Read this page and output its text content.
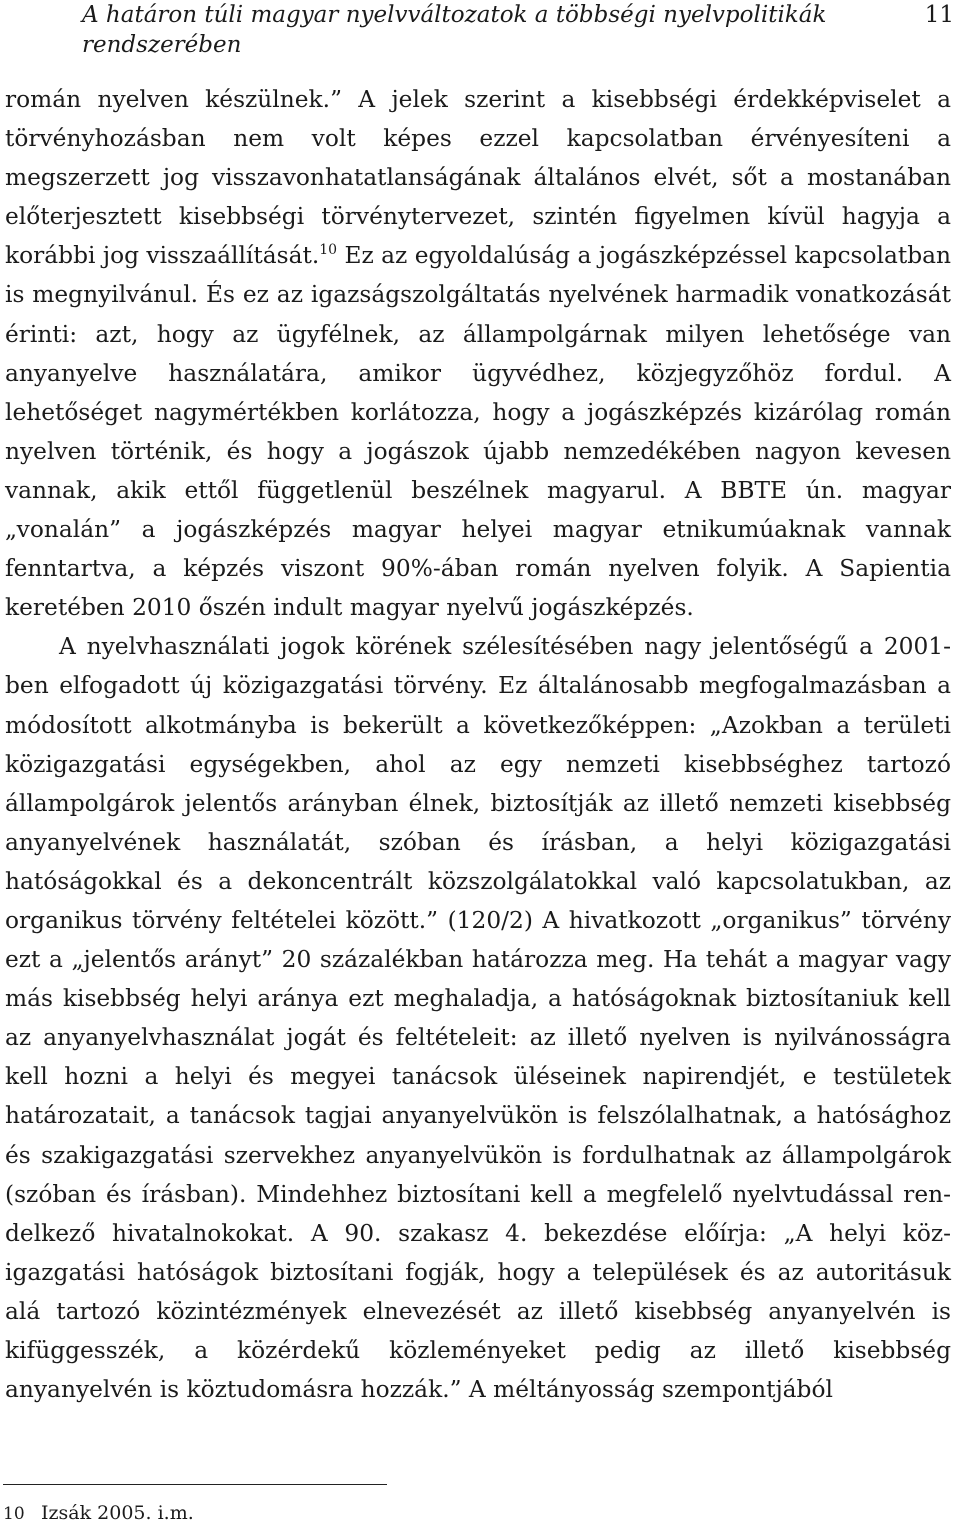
A határon túli magyar nyelvváltozatok a többségi nyelvpolitikák rendszerében
11

román nyelven készülnek.” A jelek szerint a kisebbségi érdekképviselet a törvényhozásban nem volt képes ezzel kapcsolatban érvényesíteni a megszerzett jog visszavonhatatlanságának általános elvét, sőt a mostanában előterjesztett kisebbségi törvénytervezet, szintén figyelmen kívül hagyja a korábbi jog visszaállítását.$^{10}$ Ez az egyoldalúság a jogászképzéssel kapcsolatban is megnyilvánul. És ez az igazságszolgáltatás nyelvének harmadik vonatkozását érinti: azt, hogy az ügyfélnek, az állampolgárnak milyen lehetősége van anyanyelve használatára, amikor ügyvédhez, közjegyzőhöz fordul. A lehetőséget nagymértékben korlátozza, hogy a jogászképzés kizárólag román nyelven történik, és hogy a jogászok újabb nemzedékében nagyon kevesen vannak, akik ettől függetlenül beszélnek magyarul. A BBTE ún. magyar „vonalán” a jogászképzés magyar helyei magyar etnikumúaknak vannak fenntartva, a képzés viszont 90%-ában román nyelven folyik. A Sapientia keretében 2010 őszén indult magyar nyelvű jogászképzés.

A nyelvhasználati jogok körének szélesítésében nagy jelentőségű a 2001-ben elfogadott új közigazgatási törvény. Ez általánosabb megfogalmazásban a módosított alkotmányba is bekerült a következőképpen: „Azokban a területi közigazgatási egységekben, ahol az egy nemzeti kisebbséghez tartozó állampolgárok jelentős arányban élnek, biztosítják az illető nemzeti kisebbség anyanyelvének használatát, szóban és írásban, a helyi közigazgatási hatóságokkal és a dekoncentrált közszolgálatokkal való kapcsolatukban, az organikus törvény feltételei között.” (120/2) A hivatkozott „organikus” törvény ezt a „jelentős arányt” 20 százalékban határozza meg. Ha tehát a magyar vagy más kisebbség helyi aránya ezt meghaladja, a hatóságoknak biztosítaniuk kell az anyanyelvhasználat jogát és feltételeit: az illető nyelven is nyilvánosságra kell hozni a helyi és megyei tanácsok üléseinek napirendjét, e testületek határozatait, a tanácsok tagjai anyanyelvükön is felszólalhatnak, a hatósághoz és szakigazgatási szervekhez anyanyelvükön is fordulhatnak az állampolgárok (szóban és írásban). Mindehhez biztosítani kell a megfelelő nyelvtudással rendelkező hivatalnokokat. A 90. szakasz 4. bekezdése előírja: „A helyi közigazgatási hatóságok biztosítani fogják, hogy a települések és az autoritásuk alá tartozó közintézmények elnevezését az illető kisebbség anyanyelvén is kifüggesszék, a közérdekű közleményeket pedig az illető kisebbség anyanyelvén is köztudomásra hozzák.” A méltányosság szempontjából

10 Izsák 2005. i.m.
